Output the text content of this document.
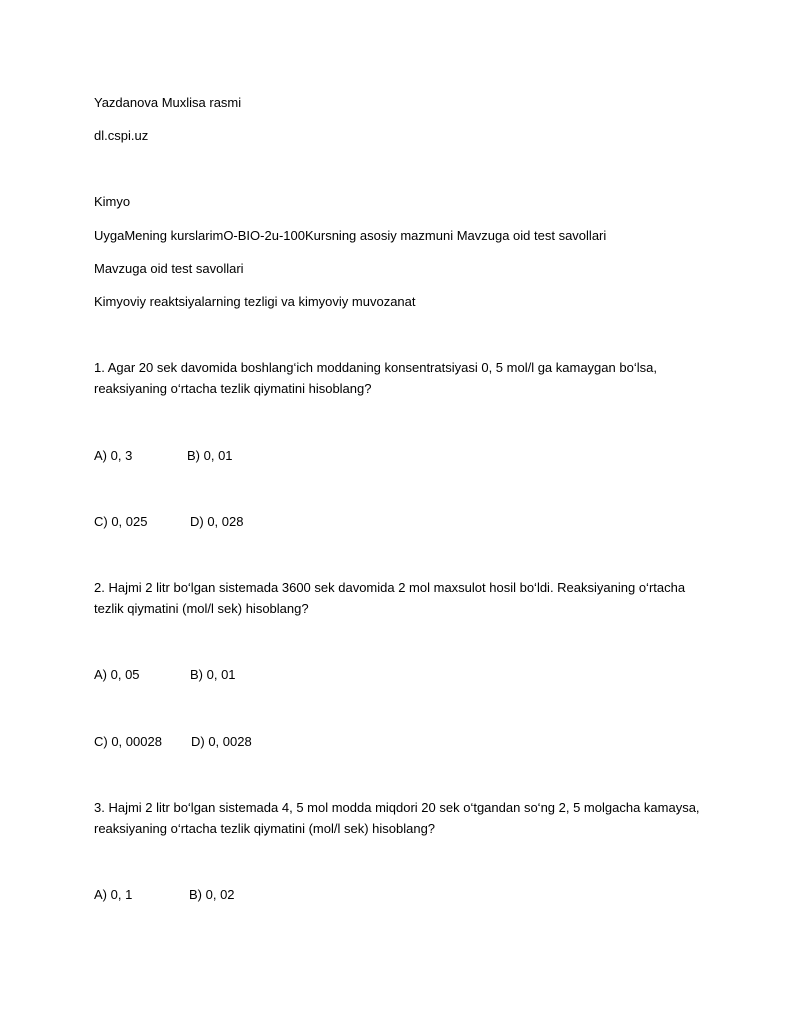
Yazdanova Muxlisa rasmi
dl.cspi.uz
Kimyo
UygaMening kurslarimO-BIO-2u-100Kursning asosiy mazmuni Mavzuga oid test savollari
Mavzuga oid test savollari
Kimyoviy reaktsiyalarning tezligi va kimyoviy muvozanat
1. Agar 20 sek davomida boshlang‘ich moddaning konsentratsiyasi 0, 5 mol/l ga kamaygan bo‘lsa,
reaksiyaning o‘rtacha tezlik qiymatini hisoblang?
A) 0, 3	B) 0, 01
C) 0, 025	D) 0, 028
2. Hajmi 2 litr bo‘lgan sistemada 3600 sek davomida 2 mol maxsulot hosil bo‘ldi. Reaksiyaning o‘rtacha
tezlik qiymatini (mol/l sek) hisoblang?
A) 0, 05	B) 0, 01
C) 0, 00028 D) 0, 0028
3. Hajmi 2 litr bo‘lgan sistemada 4, 5 mol modda miqdori 20 sek o‘tgandan so‘ng 2, 5 molgacha kamaysa,
reaksiyaning o‘rtacha tezlik qiymatini (mol/l sek) hisoblang?
A) 0, 1	B) 0, 02
